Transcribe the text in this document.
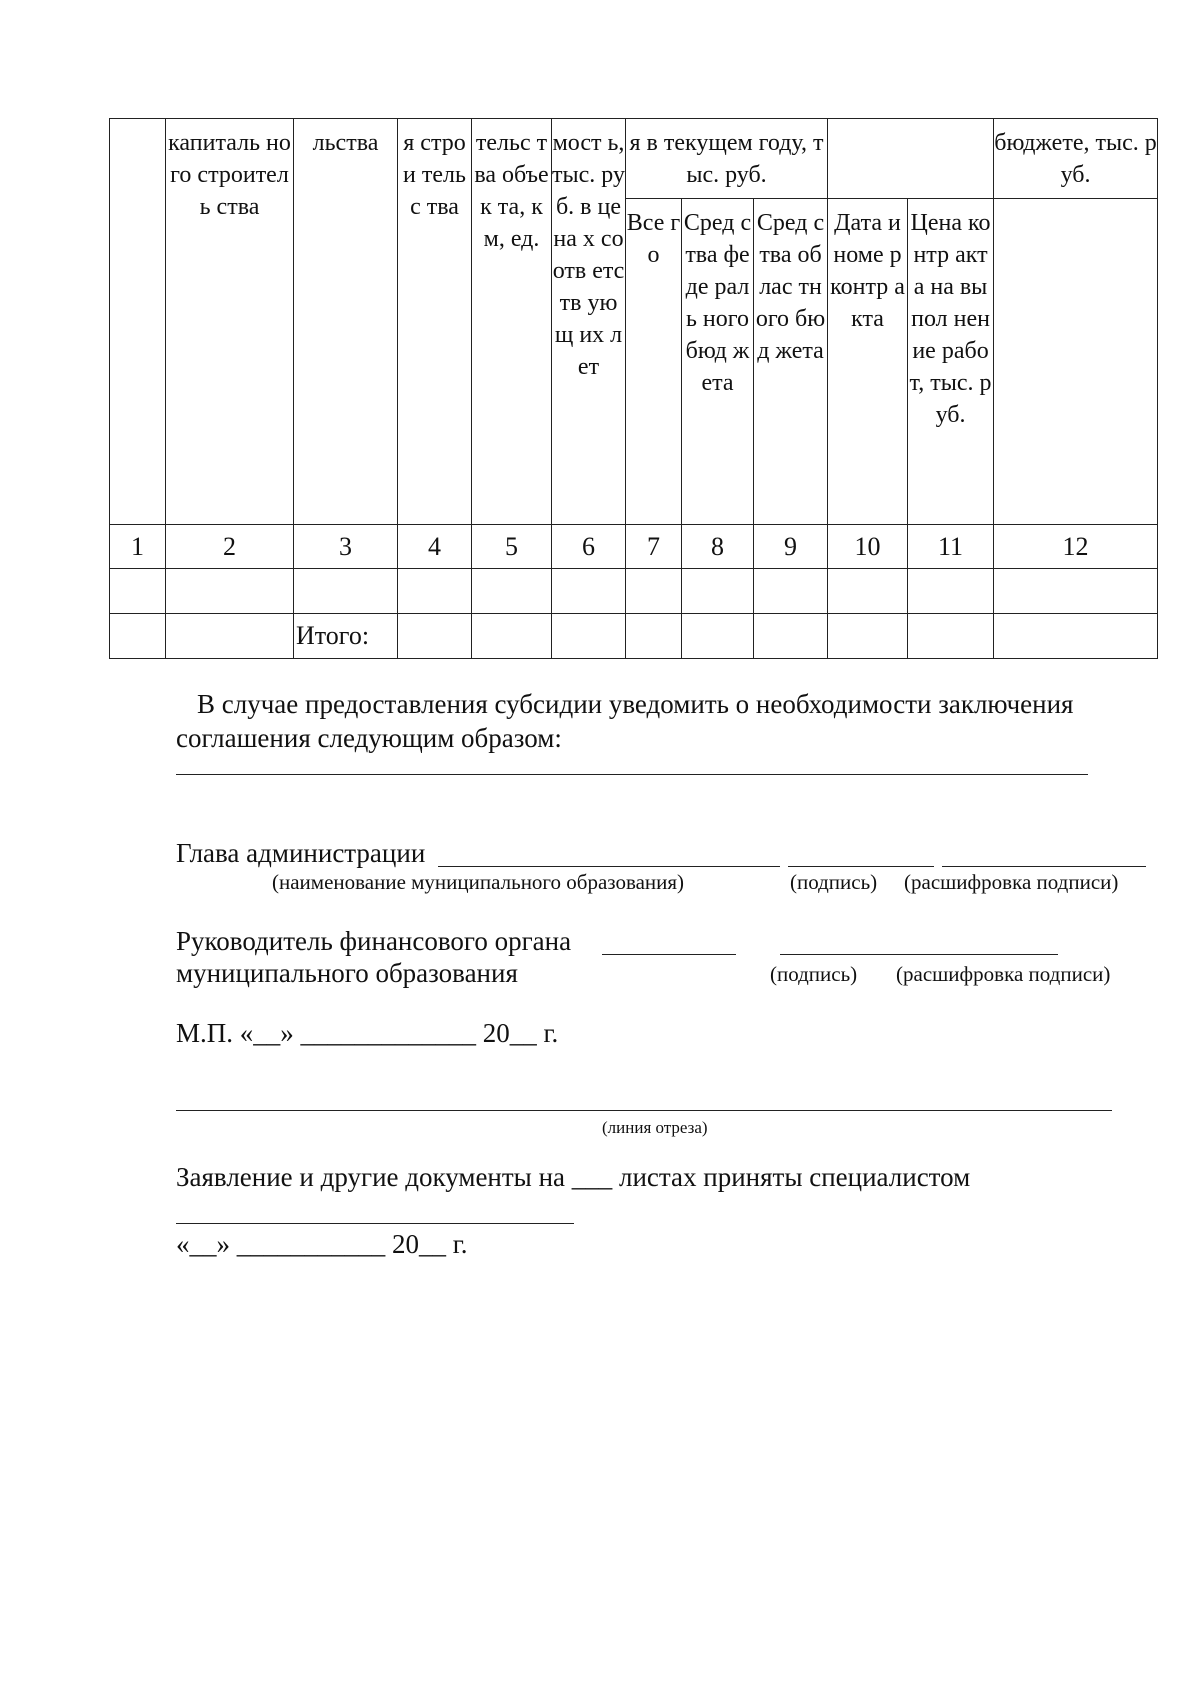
	капиталь ного строитель ства	льства	я строи тельс тва	тельс тва объек та, км, ед.	мост ь, тыс. руб. в цена х соотв етств ующ их лет	я в текущем году, тыс. руб.					бюджете, тыс. руб.

						Все го	Сред ства феде раль ного бюд жета	Сред ства облас тного бюд жета	Дата и номе р контр акта	Цена контр акта на выпол нение работ, тыс. руб.	

1	2	3	4	5	6	7	8	9	10	11	12

		Итого:									
В случае предоставления субсидии уведомить о необходимости заключения
соглашения следующим образом:
Глава администрации
(наименование муниципального образования)	(подпись) (расшифровка подписи)
Руководитель финансового органа
муниципального образования	(подпись) (расшифровка подписи)
М.П. «__» _____________ 20__ г.
(линия отреза)
Заявление и другие документы на ___ листах приняты специалистом
«__» ___________ 20__ г.
